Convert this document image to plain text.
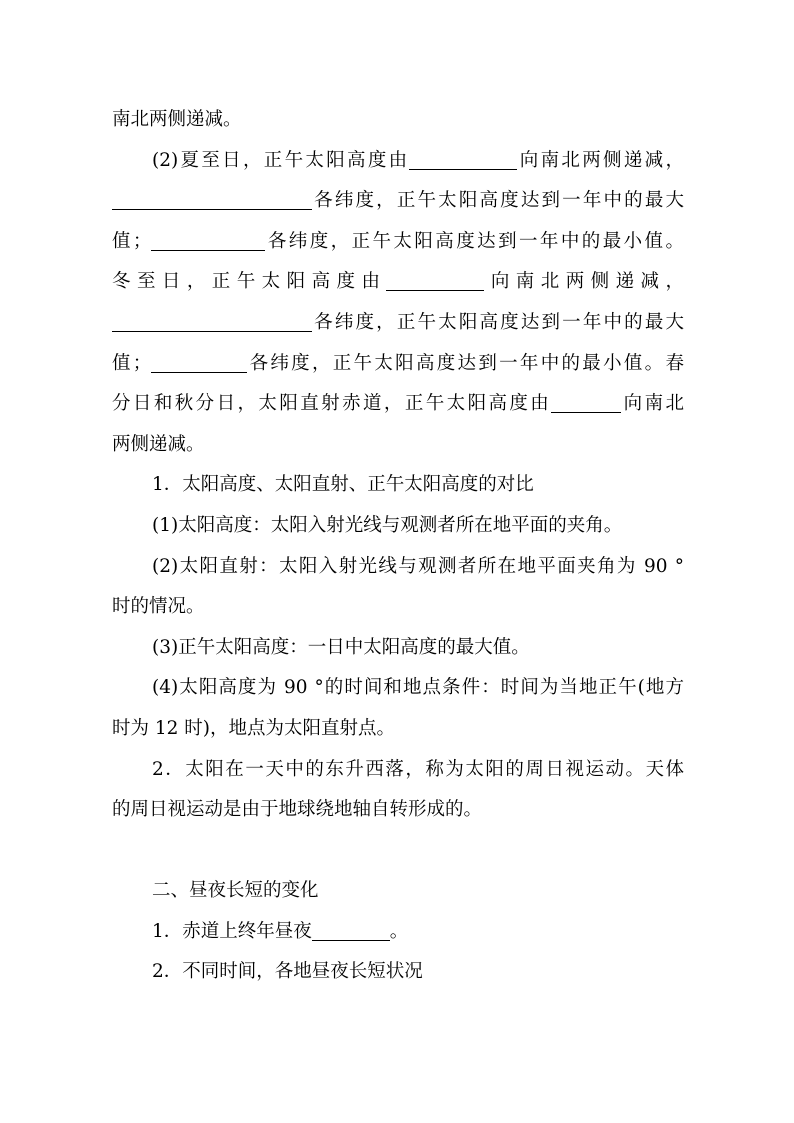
南北两侧递减。
(2)夏至日，正午太阳高度由	向南北两侧递减，
各纬度，正午太阳高度达到一年中的最大
值；	各纬度，正午太阳高度达到一年中的最小值。
冬至日，正午太阳高度由	向南北两侧递减，
各纬度，正午太阳高度达到一年中的最大
值；	各纬度，正午太阳高度达到一年中的最小值。春
分日和秋分日，太阳直射赤道，正午太阳高度由	向南北
两侧递减。
1．太阳高度、太阳直射、正午太阳高度的对比
(1)太阳高度：太阳入射光线与观测者所在地平面的夹角。
(2)太阳直射：太阳入射光线与观测者所在地平面夹角为 90 °
时的情况。
(3)正午太阳高度：一日中太阳高度的最大值。
(4)太阳高度为 90 °的时间和地点条件：时间为当地正午(地方
时为 12 时)，地点为太阳直射点。
2．太阳在一天中的东升西落，称为太阳的周日视运动。天体
的周日视运动是由于地球绕地轴自转形成的。
二、昼夜长短的变化
1．赤道上终年昼夜	。
2．不同时间，各地昼夜长短状况
